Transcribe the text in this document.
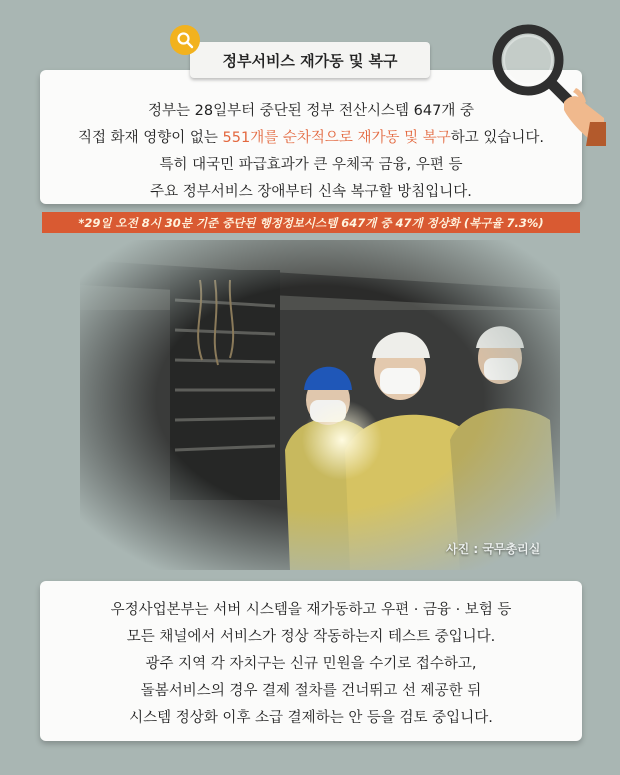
정부서비스 재가동 및 복구
정부는 28일부터 중단된 정부 전산시스템 647개 중
직접 화재 영향이 없는 551개를 순차적으로 재가동 및 복구하고 있습니다.
특히 대국민 파급효과가 큰 우체국 금융, 우편 등
주요 정부서비스 장애부터 신속 복구할 방침입니다.
*29일 오전 8시 30분 기준 중단된 행정정보시스템 647개 중 47개 정상화 (복구율 7.3%)
사진 : 국무총리실
우정사업본부는 서버 시스템을 재가동하고 우편 · 금융 · 보험 등
모든 채널에서 서비스가 정상 작동하는지 테스트 중입니다.
광주 지역 각 자치구는 신규 민원을 수기로 접수하고,
돌봄서비스의 경우 결제 절차를 건너뛰고 선 제공한 뒤
시스템 정상화 이후 소급 결제하는 안 등을 검토 중입니다.
